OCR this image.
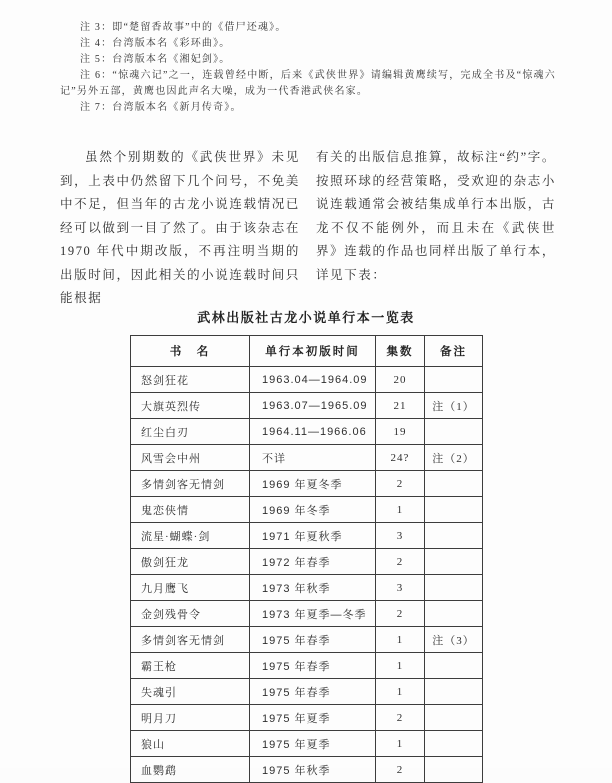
注 3：即“楚留香故事”中的《借尸还魂》。

注 4：台湾版本名《彩环曲》。

注 5：台湾版本名《湘妃剑》。

注 6：“惊魂六记”之一，连载曾经中断，后来《武侠世界》请编辑黄鹰续写，完成全书及“惊魂六记”另外五部，黄鹰也因此声名大噪，成为一代香港武侠名家。

注 7：台湾版本名《新月传奇》。

虽然个别期数的《武侠世界》未见到，上表中仍然留下几个问号，不免美中不足，但当年的古龙小说连载情况已经可以做到一目了然了。由于该杂志在 1970 年代中期改版，不再注明当期的出版时间，因此相关的小说连载时间只能根据
有关的出版信息推算，故标注“约”字。按照环球的经营策略，受欢迎的杂志小说连载通常会被结集成单行本出版，古龙不仅不能例外，而且未在《武侠世界》连载的作品也同样出版了单行本，详见下表：

武林出版社古龙小说单行本一览表

书　名	单行本初版时间	集数	备注
怒剑狂花	1963.04—1964.09	20	
大旗英烈传	1963.07—1965.09	21	注（1）
红尘白刃	1964.11—1966.06	19	
风雪会中州	不详	24?	注（2）
多情剑客无情剑	1969 年夏冬季	2	
鬼恋侠情	1969 年冬季	1	
流星·蝴蝶·剑	1971 年夏秋季	3	
傲剑狂龙	1972 年春季	2	
九月鹰飞	1973 年秋季	3	
金剑残骨令	1973 年夏季—冬季	2	
多情剑客无情剑	1975 年春季	1	注（3）
霸王枪	1975 年春季	1	
失魂引	1975 年春季	1	
明月刀	1975 年夏季	2	
狼山	1975 年夏季	1	
血鹦鹉	1975 年秋季	2	
